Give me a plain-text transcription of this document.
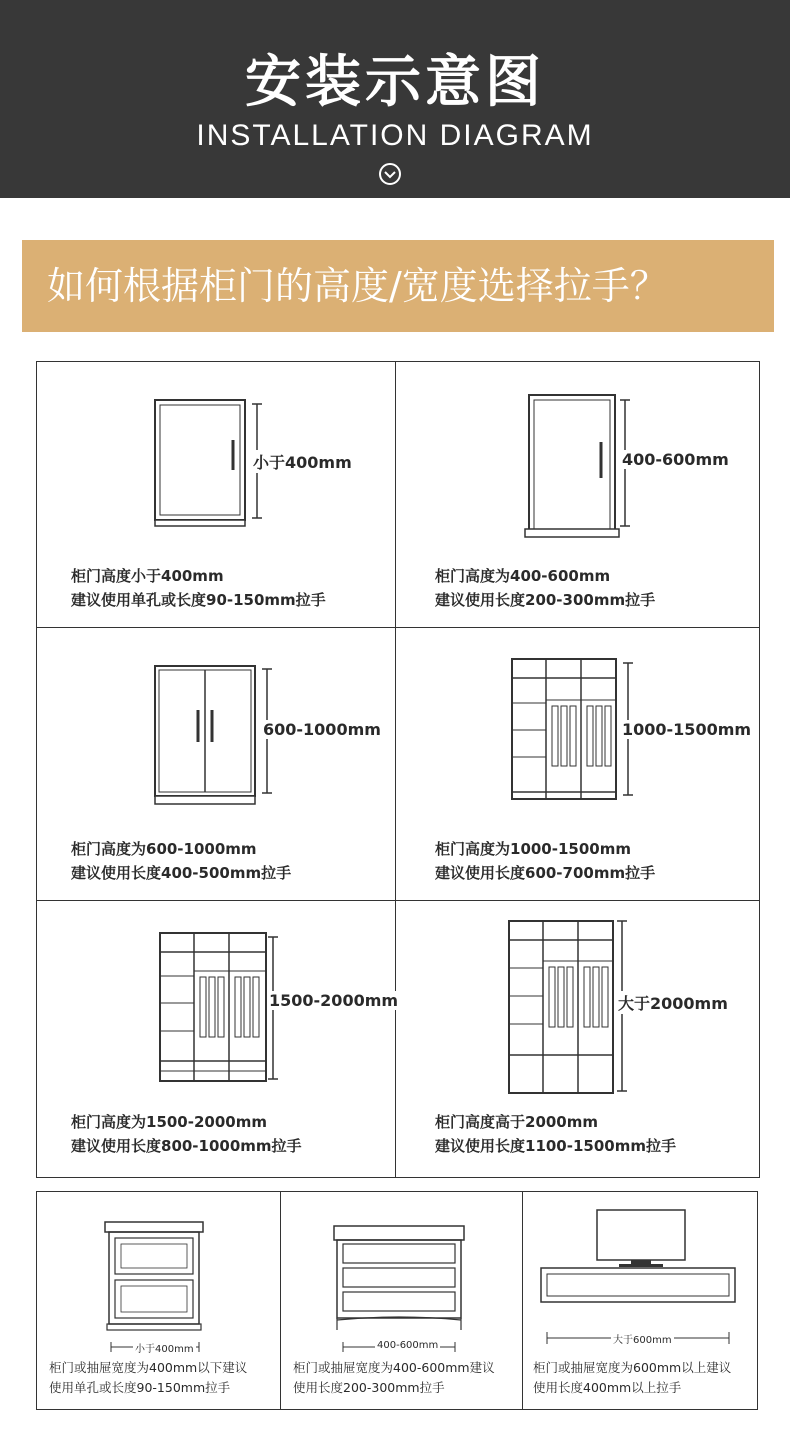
安装示意图
INSTALLATION DIAGRAM
如何根据柜门的高度/宽度选择拉手？
小于400mm
柜门高度小于400mm
建议使用单孔或长度90-150mm拉手
400-600mm
柜门高度为400-600mm
建议使用长度200-300mm拉手
600-1000mm
柜门高度为600-1000mm
建议使用长度400-500mm拉手
1000-1500mm
柜门高度为1000-1500mm
建议使用长度600-700mm拉手
1500-2000mm
柜门高度为1500-2000mm
建议使用长度800-1000mm拉手
大于2000mm
柜门高度高于2000mm
建议使用长度1100-1500mm拉手
小于400mm
柜门或抽屉宽度为400mm以下建议
使用单孔或长度90-150mm拉手
400-600mm
柜门或抽屉宽度为400-600mm建议
使用长度200-300mm拉手
大于600mm
柜门或抽屉宽度为600mm以上建议
使用长度400mm以上拉手
